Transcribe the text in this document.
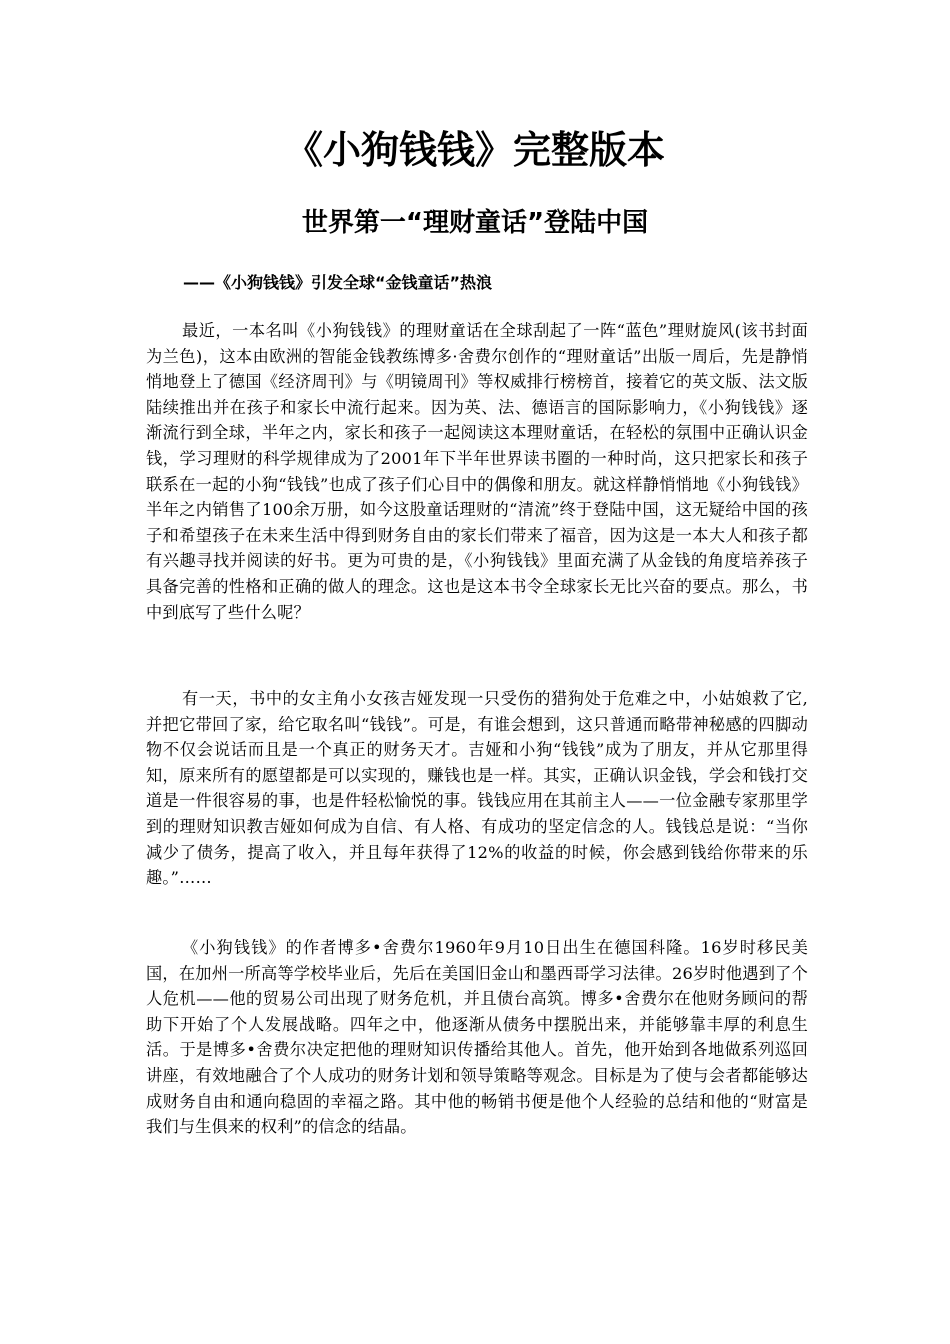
《小狗钱钱》完整版本
世界第一“理财童话”登陆中国
——《小狗钱钱》引发全球“金钱童话”热浪

最近，一本名叫《小狗钱钱》的理财童话在全球刮起了一阵“蓝色”理财旋风(该书封面为兰色)，这本由欧洲的智能金钱教练博多·舍费尔创作的“理财童话”出版一周后，先是静悄悄地登上了德国《经济周刊》与《明镜周刊》等权威排行榜榜首，接着它的英文版、法文版陆续推出并在孩子和家长中流行起来。因为英、法、德语言的国际影响力，《小狗钱钱》逐渐流行到全球，半年之内，家长和孩子一起阅读这本理财童话，在轻松的氛围中正确认识金钱，学习理财的科学规律成为了2001年下半年世界读书圈的一种时尚，这只把家长和孩子联系在一起的小狗“钱钱”也成了孩子们心目中的偶像和朋友。就这样静悄悄地《小狗钱钱》半年之内销售了100余万册，如今这股童话理财的“清流”终于登陆中国，这无疑给中国的孩子和希望孩子在未来生活中得到财务自由的家长们带来了福音，因为这是一本大人和孩子都有兴趣寻找并阅读的好书。更为可贵的是，《小狗钱钱》里面充满了从金钱的角度培养孩子具备完善的性格和正确的做人的理念。这也是这本书令全球家长无比兴奋的要点。那么，书中到底写了些什么呢？

有一天，书中的女主角小女孩吉娅发现一只受伤的猎狗处于危难之中，小姑娘救了它,并把它带回了家，给它取名叫“钱钱”。可是，有谁会想到，这只普通而略带神秘感的四脚动物不仅会说话而且是一个真正的财务天才。吉娅和小狗“钱钱”成为了朋友，并从它那里得知，原来所有的愿望都是可以实现的，赚钱也是一样。其实，正确认识金钱，学会和钱打交道是一件很容易的事，也是件轻松愉悦的事。钱钱应用在其前主人——一位金融专家那里学到的理财知识教吉娅如何成为自信、有人格、有成功的坚定信念的人。钱钱总是说：“当你减少了债务，提高了收入，并且每年获得了12%的收益的时候，你会感到钱给你带来的乐趣。”……

《小狗钱钱》的作者博多•舍费尔1960年9月10日出生在德国科隆。16岁时移民美国，在加州一所高等学校毕业后，先后在美国旧金山和墨西哥学习法律。26岁时他遇到了个人危机——他的贸易公司出现了财务危机，并且债台高筑。博多•舍费尔在他财务顾问的帮助下开始了个人发展战略。四年之中，他逐渐从债务中摆脱出来，并能够靠丰厚的利息生活。于是博多•舍费尔决定把他的理财知识传播给其他人。首先，他开始到各地做系列巡回讲座，有效地融合了个人成功的财务计划和领导策略等观念。目标是为了使与会者都能够达成财务自由和通向稳固的幸福之路。其中他的畅销书便是他个人经验的总结和他的“财富是我们与生俱来的权利”的信念的结晶。
